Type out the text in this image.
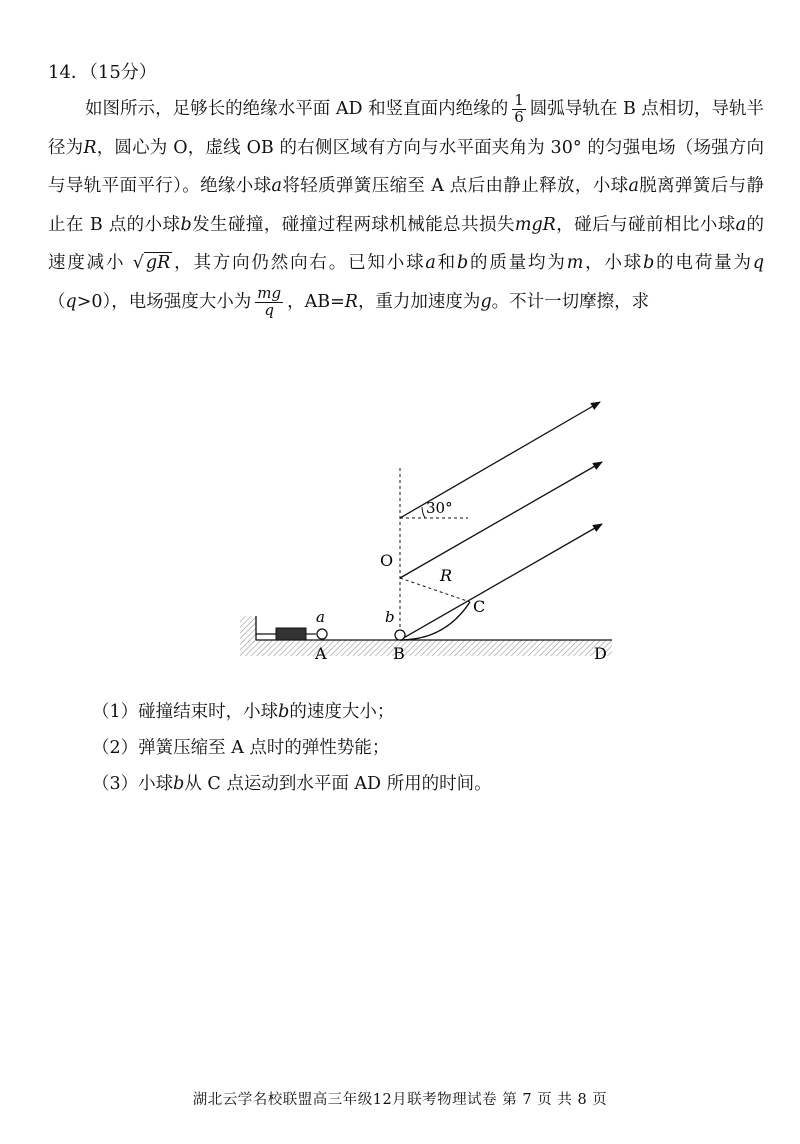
14．（15分）
如图所示，足够长的绝缘水平面 AD 和竖直面内绝缘的 $\frac{1}{6}$ 圆弧导轨在 B 点相切，导轨半径为R，圆心为 O，虚线 OB 的右侧区域有方向与水平面夹角为 30° 的匀强电场（场强方向与导轨平面平行）。绝缘小球a将轻质弹簧压缩至 A 点后由静止释放，小球a脱离弹簧后与静止在 B 点的小球b发生碰撞，碰撞过程两球机械能总共损失mgR，碰后与碰前相比小球a的速度减小 √ gR ，其方向仍然向右。已知小球a和b的质量均为m，小球b的电荷量为q（q>0），电场强度大小为 $\frac{mg}{q}$ ，AB=R，重力加速度为g。不计一切摩擦，求
30°
O
R
C
a	b
A	B	D
（1）碰撞结束时，小球b的速度大小；
（2）弹簧压缩至 A 点时的弹性势能；
（3）小球b从 C 点运动到水平面 AD 所用的时间。
湖北云学名校联盟高三年级12月联考物理试卷 第 7 页 共 8 页
